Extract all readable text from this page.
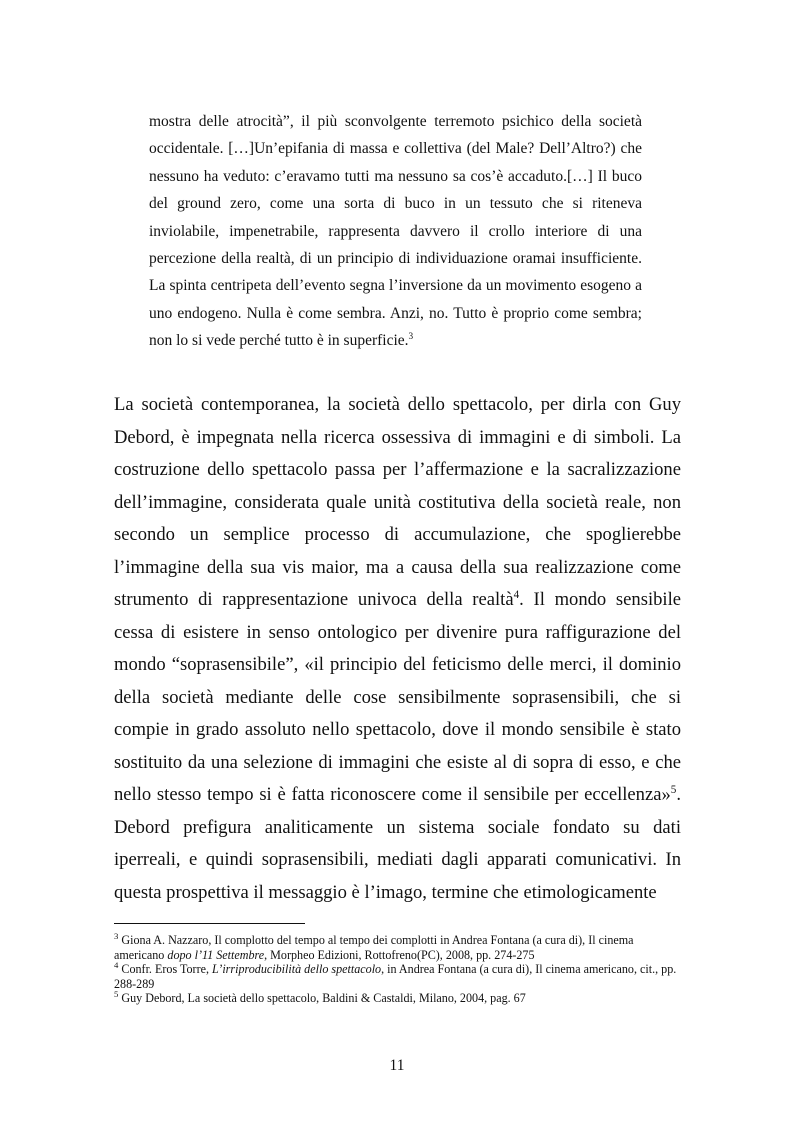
mostra delle atrocità”, il più sconvolgente terremoto psichico della società occidentale. […]Un’epifania di massa e collettiva (del Male? Dell’Altro?) che nessuno ha veduto: c’eravamo tutti ma nessuno sa cos’è accaduto.[…] Il buco del ground zero, come una sorta di buco in un tessuto che si riteneva inviolabile, impenetrabile, rappresenta davvero il crollo interiore di una percezione della realtà, di un principio di individuazione oramai insufficiente. La spinta centripeta dell’evento segna l’inversione da un movimento esogeno a uno endogeno. Nulla è come sembra. Anzi, no. Tutto è proprio come sembra; non lo si vede perché tutto è in superficie.$^3$
La società contemporanea, la società dello spettacolo, per dirla con Guy Debord, è impegnata nella ricerca ossessiva di immagini e di simboli. La costruzione dello spettacolo passa per l’affermazione e la sacralizzazione dell’immagine, considerata quale unità costitutiva della società reale, non secondo un semplice processo di accumulazione, che spoglierebbe l’immagine della sua vis maior, ma a causa della sua realizzazione come strumento di rappresentazione univoca della realtà$^4$. Il mondo sensibile cessa di esistere in senso ontologico per divenire pura raffigurazione del mondo “soprasensibile”, «il principio del feticismo delle merci, il dominio della società mediante delle cose sensibilmente soprasensibili, che si compie in grado assoluto nello spettacolo, dove il mondo sensibile è stato sostituito da una selezione di immagini che esiste al di sopra di esso, e che nello stesso tempo si è fatta riconoscere come il sensibile per eccellenza»$^5$. Debord prefigura analiticamente un sistema sociale fondato su dati iperreali, e quindi soprasensibili, mediati dagli apparati comunicativi. In questa prospettiva il messaggio è l’imago, termine che etimologicamente

$^3$ Giona A. Nazzaro, Il complotto del tempo al tempo dei complotti in Andrea Fontana (a cura di), Il cinema americano dopo l’11 Settembre, Morpheo Edizioni, Rottofreno(PC), 2008, pp. 274-275

$^4$ Confr. Eros Torre, L’irriproducibilità dello spettacolo, in Andrea Fontana (a cura di), Il cinema americano, cit., pp. 288-289

$^5$ Guy Debord, La società dello spettacolo, Baldini & Castaldi, Milano, 2004, pag. 67

11
